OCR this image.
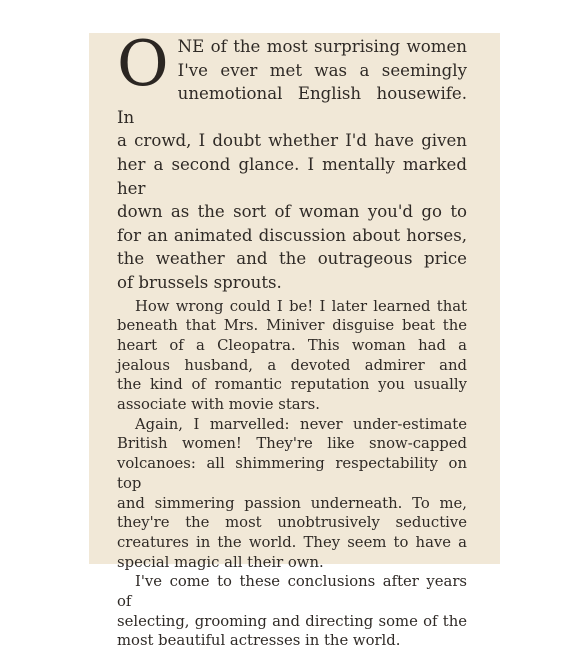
O NE of the most surprising women
I've ever met was a seemingly
unemotional English housewife. In
a crowd, I doubt whether I'd have given
her a second glance. I mentally marked her
down as the sort of woman you'd go to
for an animated discussion about horses,
the weather and the outrageous price
of brussels sprouts.
How wrong could I be! I later learned that
beneath that Mrs. Miniver disguise beat the
heart of a Cleopatra. This woman had a
jealous husband, a devoted admirer and
the kind of romantic reputation you usually
associate with movie stars.
Again, I marvelled: never under-estimate
British women! They're like snow-capped
volcanoes: all shimmering respectability on top
and simmering passion underneath. To me,
they're the most unobtrusively seductive
creatures in the world. They seem to have a
special magic all their own.
I've come to these conclusions after years of
selecting, grooming and directing some of the
most beautiful actresses in the world.
